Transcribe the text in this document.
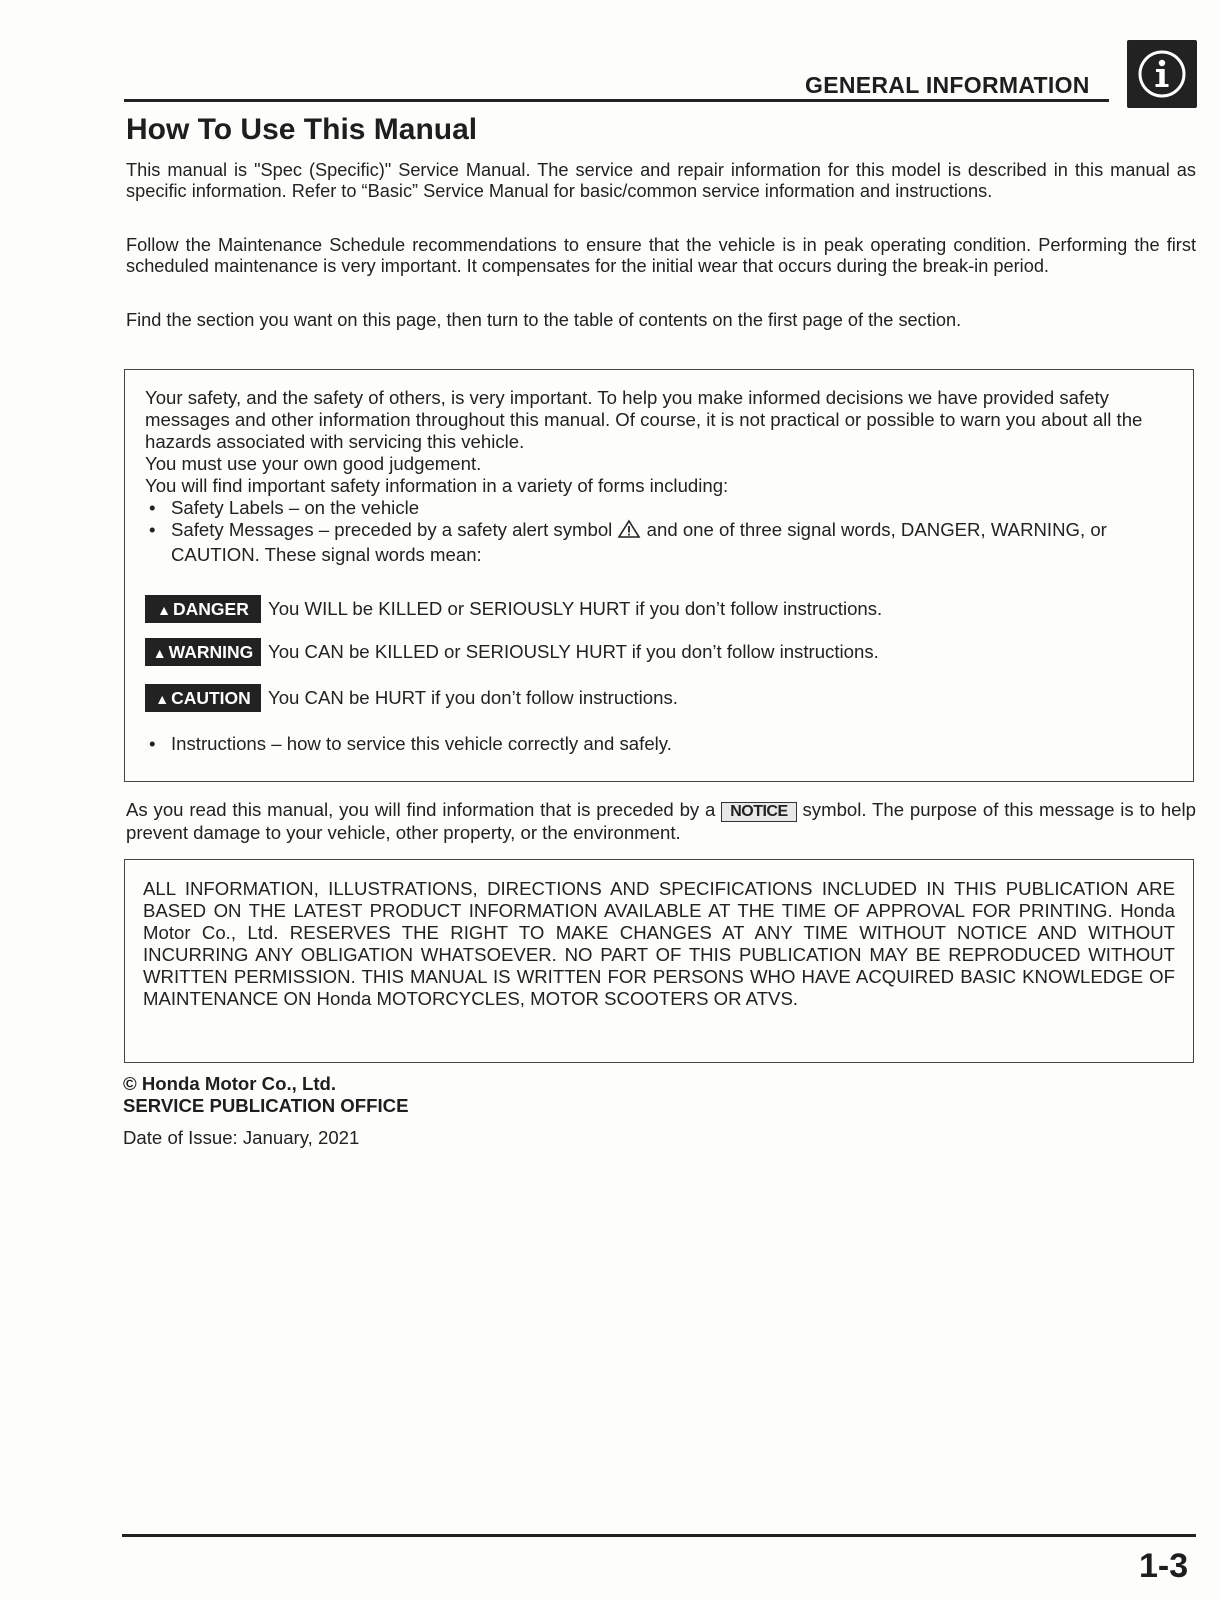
GENERAL INFORMATION
How To Use This Manual
This manual is "Spec (Specific)" Service Manual. The service and repair information for this model is described in this manual as specific information. Refer to “Basic” Service Manual for basic/common service information and instructions.
Follow the Maintenance Schedule recommendations to ensure that the vehicle is in peak operating condition. Performing the first scheduled maintenance is very important. It compensates for the initial wear that occurs during the break-in period.
Find the section you want on this page, then turn to the table of contents on the first page of the section.
Your safety, and the safety of others, is very important. To help you make informed decisions we have provided safety messages and other information throughout this manual. Of course, it is not practical or possible to warn you about all the hazards associated with servicing this vehicle.
You must use your own good judgement.
You will find important safety information in a variety of forms including:
• Safety Labels – on the vehicle
• Safety Messages – preceded by a safety alert symbol and one of three signal words, DANGER, WARNING, or CAUTION. These signal words mean:
▲ DANGER	You WILL be KILLED or SERIOUSLY HURT if you don’t follow instructions.
▲ WARNING You CAN be KILLED or SERIOUSLY HURT if you don’t follow instructions.
▲ CAUTION You CAN be HURT if you don’t follow instructions.
• Instructions – how to service this vehicle correctly and safely.
As you read this manual, you will find information that is preceded by a NOTICE symbol. The purpose of this message is to help prevent damage to your vehicle, other property, or the environment.
ALL INFORMATION, ILLUSTRATIONS, DIRECTIONS AND SPECIFICATIONS INCLUDED IN THIS PUBLICATION ARE BASED ON THE LATEST PRODUCT INFORMATION AVAILABLE AT THE TIME OF APPROVAL FOR PRINTING. Honda Motor Co., Ltd. RESERVES THE RIGHT TO MAKE CHANGES AT ANY TIME WITHOUT NOTICE AND WITHOUT INCURRING ANY OBLIGATION WHATSOEVER. NO PART OF THIS PUBLICATION MAY BE REPRODUCED WITHOUT WRITTEN PERMISSION. THIS MANUAL IS WRITTEN FOR PERSONS WHO HAVE ACQUIRED BASIC KNOWLEDGE OF MAINTENANCE ON Honda MOTORCYCLES, MOTOR SCOOTERS OR ATVS.
© Honda Motor Co., Ltd.
SERVICE PUBLICATION OFFICE
Date of Issue: January, 2021
1-3
